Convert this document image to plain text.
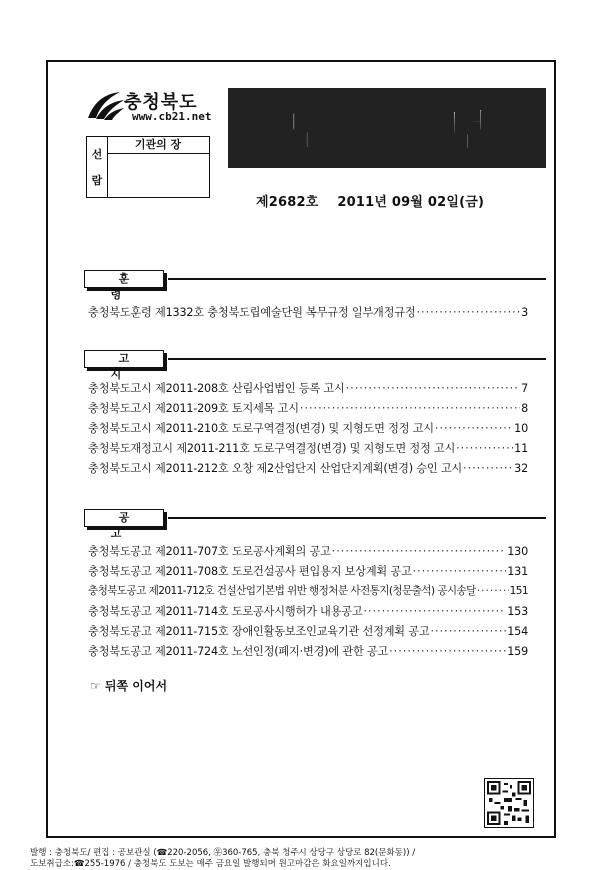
충청북도
www.cb21.net
선
람
기관의 장	도 보
제2682호 2011년 09월 02일(금)
훈 령
충청북도훈령 제1332호 충청북도립예술단원 복무규정 일부개정규정 ·····	3
고 시
충청북도고시 제2011-208호 산림사업법인 등록 고시 ·····	7
충청북도고시 제2011-209호 토지세목 고시 ·····	8
충청북도고시 제2011-210호 도로구역결정(변경) 및 지형도면 정정 고시 ·····	10
충청북도재정고시 제2011-211호 도로구역결정(변경) 및 지형도면 정정 고시 ·····	11
충청북도고시 제2011-212호 오창 제2산업단지 산업단지계획(변경) 승인 고시 ·····	32
공 고
충청북도공고 제2011-707호 도로공사계획의 공고 ·····	130
충청북도공고 제2011-708호 도로건설공사 편입용지 보상계획 공고 ·····	131
충청북도공고 제2011-712호 건설산업기본법 위반 행정처분 사전통지(청문출석) 공시송달 ·····	151
충청북도공고 제2011-714호 도로공사시행허가 내용공고 ·····	153
충청북도공고 제2011-715호 장애인활동보조인교육기관 선정계획 공고 ·····	154
충청북도공고 제2011-724호 노선인정(폐지·변경)에 관한 공고 ·····	159
☞ 뒤쪽 이어서
발행 : 충청북도/ 편집 : 공보관실 (☎220-2056, ㉾360-765, 충북 청주시 상당구 상당로 82(문화동)) /
도보취급소:☎255-1976 / 충청북도 도보는 매주 금요일 발행되며 원고마감은 화요일까지입니다.
